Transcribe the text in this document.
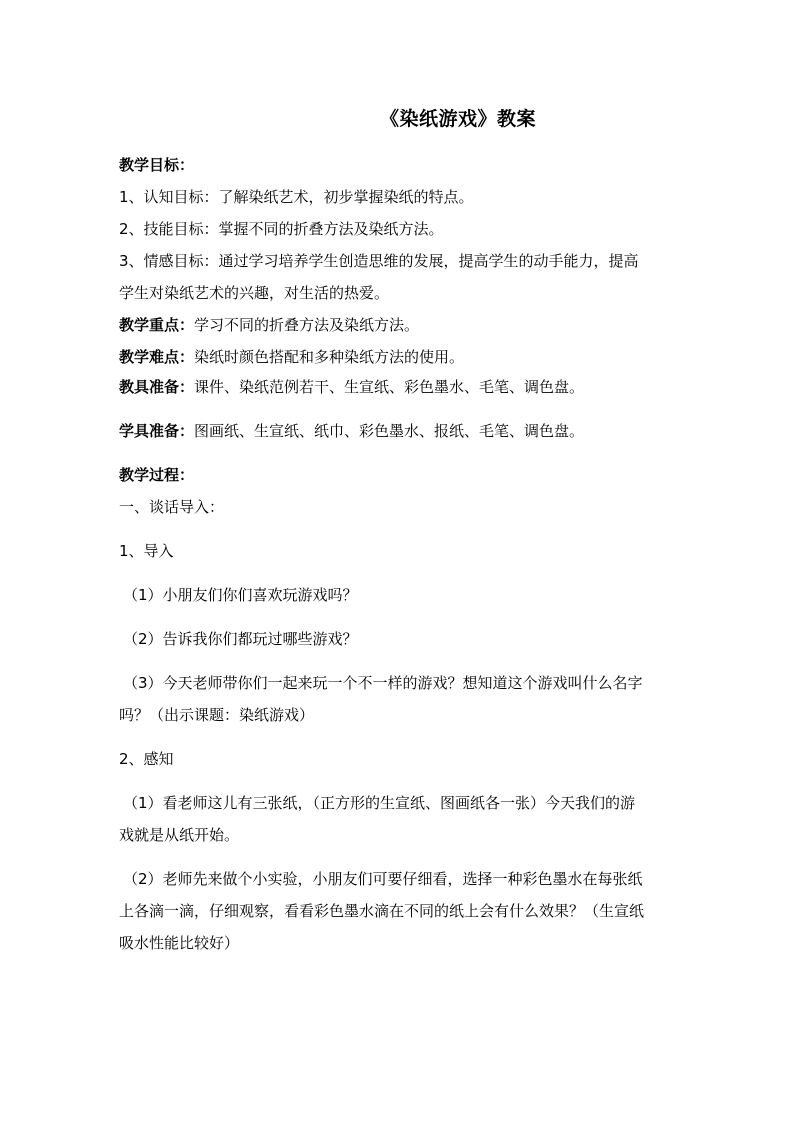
《染纸游戏》教案
教学目标：
1、认知目标：了解染纸艺术，初步掌握染纸的特点。
2、技能目标：掌握不同的折叠方法及染纸方法。
3、情感目标：通过学习培养学生创造思维的发展，提高学生的动手能力，提高
学生对染纸艺术的兴趣，对生活的热爱。
教学重点：学习不同的折叠方法及染纸方法。
教学难点：染纸时颜色搭配和多种染纸方法的使用。
教具准备：课件、染纸范例若干、生宣纸、彩色墨水、毛笔、调色盘。
学具准备：图画纸、生宣纸、纸巾、彩色墨水、报纸、毛笔、调色盘。
教学过程：
一、谈话导入：
1、导入
（1）小朋友们你们喜欢玩游戏吗？
（2）告诉我你们都玩过哪些游戏？
（3）今天老师带你们一起来玩一个不一样的游戏？想知道这个游戏叫什么名字
吗？（出示课题：染纸游戏）
2、感知
（1）看老师这儿有三张纸，（正方形的生宣纸、图画纸各一张）今天我们的游
戏就是从纸开始。
（2）老师先来做个小实验，小朋友们可要仔细看，选择一种彩色墨水在每张纸
上各滴一滴，仔细观察，看看彩色墨水滴在不同的纸上会有什么效果？（生宣纸
吸水性能比较好）
